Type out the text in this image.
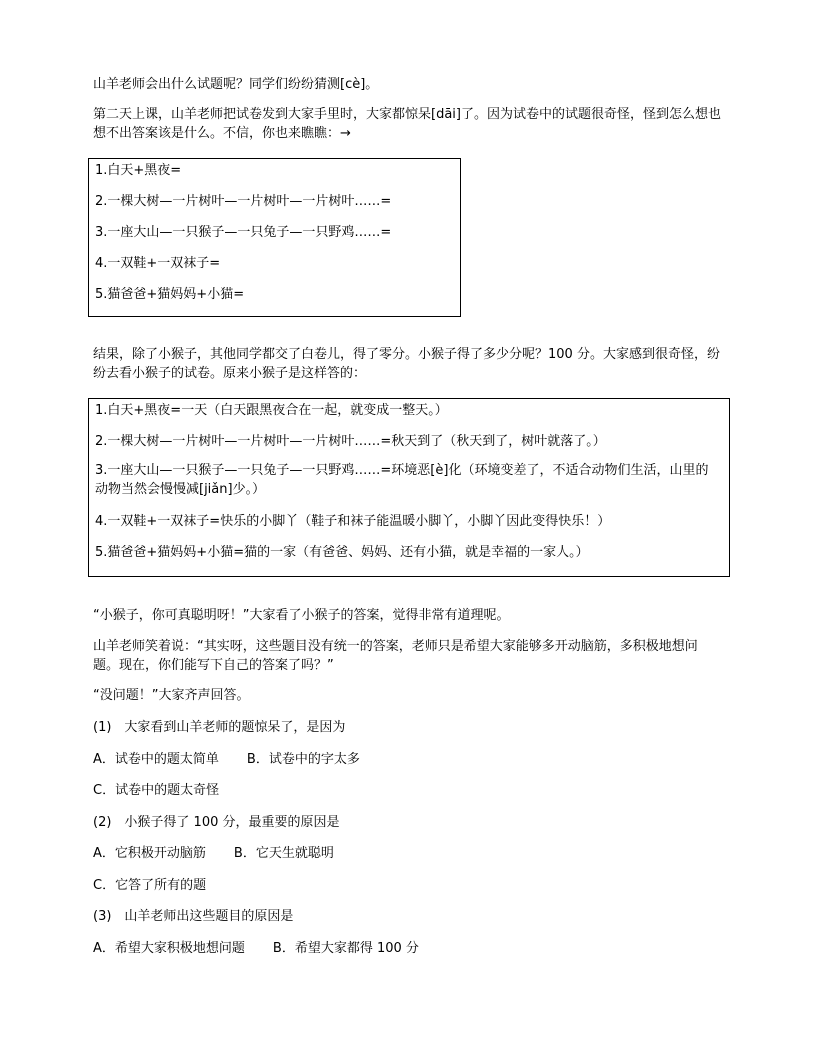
山羊老师会出什么试题呢？同学们纷纷猜测[cè]。

第二天上课，山羊老师把试卷发到大家手里时，大家都惊呆[dāi]了。因为试卷中的试题很奇怪，怪到怎么想也想不出答案该是什么。不信，你也来瞧瞧：→

1.白天+黑夜=

2.一棵大树—一片树叶—一片树叶—一片树叶……=

3.一座大山—一只猴子—一只兔子—一只野鸡……=

4.一双鞋+一双袜子=

5.猫爸爸+猫妈妈+小猫=

结果，除了小猴子，其他同学都交了白卷儿，得了零分。小猴子得了多少分呢？100 分。大家感到很奇怪，纷纷去看小猴子的试卷。原来小猴子是这样答的：

1.白天+黑夜=一天（白天跟黑夜合在一起，就变成一整天。）

2.一棵大树—一片树叶—一片树叶—一片树叶……=秋天到了（秋天到了，树叶就落了。）

3.一座大山—一只猴子—一只兔子—一只野鸡……=环境恶[è]化（环境变差了，不适合动物们生活，山里的动物当然会慢慢减[jiǎn]少。）

4.一双鞋+一双袜子=快乐的小脚丫（鞋子和袜子能温暖小脚丫，小脚丫因此变得快乐！）

5.猫爸爸+猫妈妈+小猫=猫的一家（有爸爸、妈妈、还有小猫，就是幸福的一家人。）

“小猴子，你可真聪明呀！”大家看了小猴子的答案，觉得非常有道理呢。

山羊老师笑着说：“其实呀，这些题目没有统一的答案，老师只是希望大家能够多开动脑筋，多积极地想问题。现在，你们能写下自己的答案了吗？”

“没问题！”大家齐声回答。

(1)　大家看到山羊老师的题惊呆了，是因为

A．试卷中的题太简单 B．试卷中的字太多

C．试卷中的题太奇怪

(2)　小猴子得了 100 分，最重要的原因是

A．它积极开动脑筋 B．它天生就聪明

C．它答了所有的题

(3)　山羊老师出这些题目的原因是

A．希望大家积极地想问题 B．希望大家都得 100 分
